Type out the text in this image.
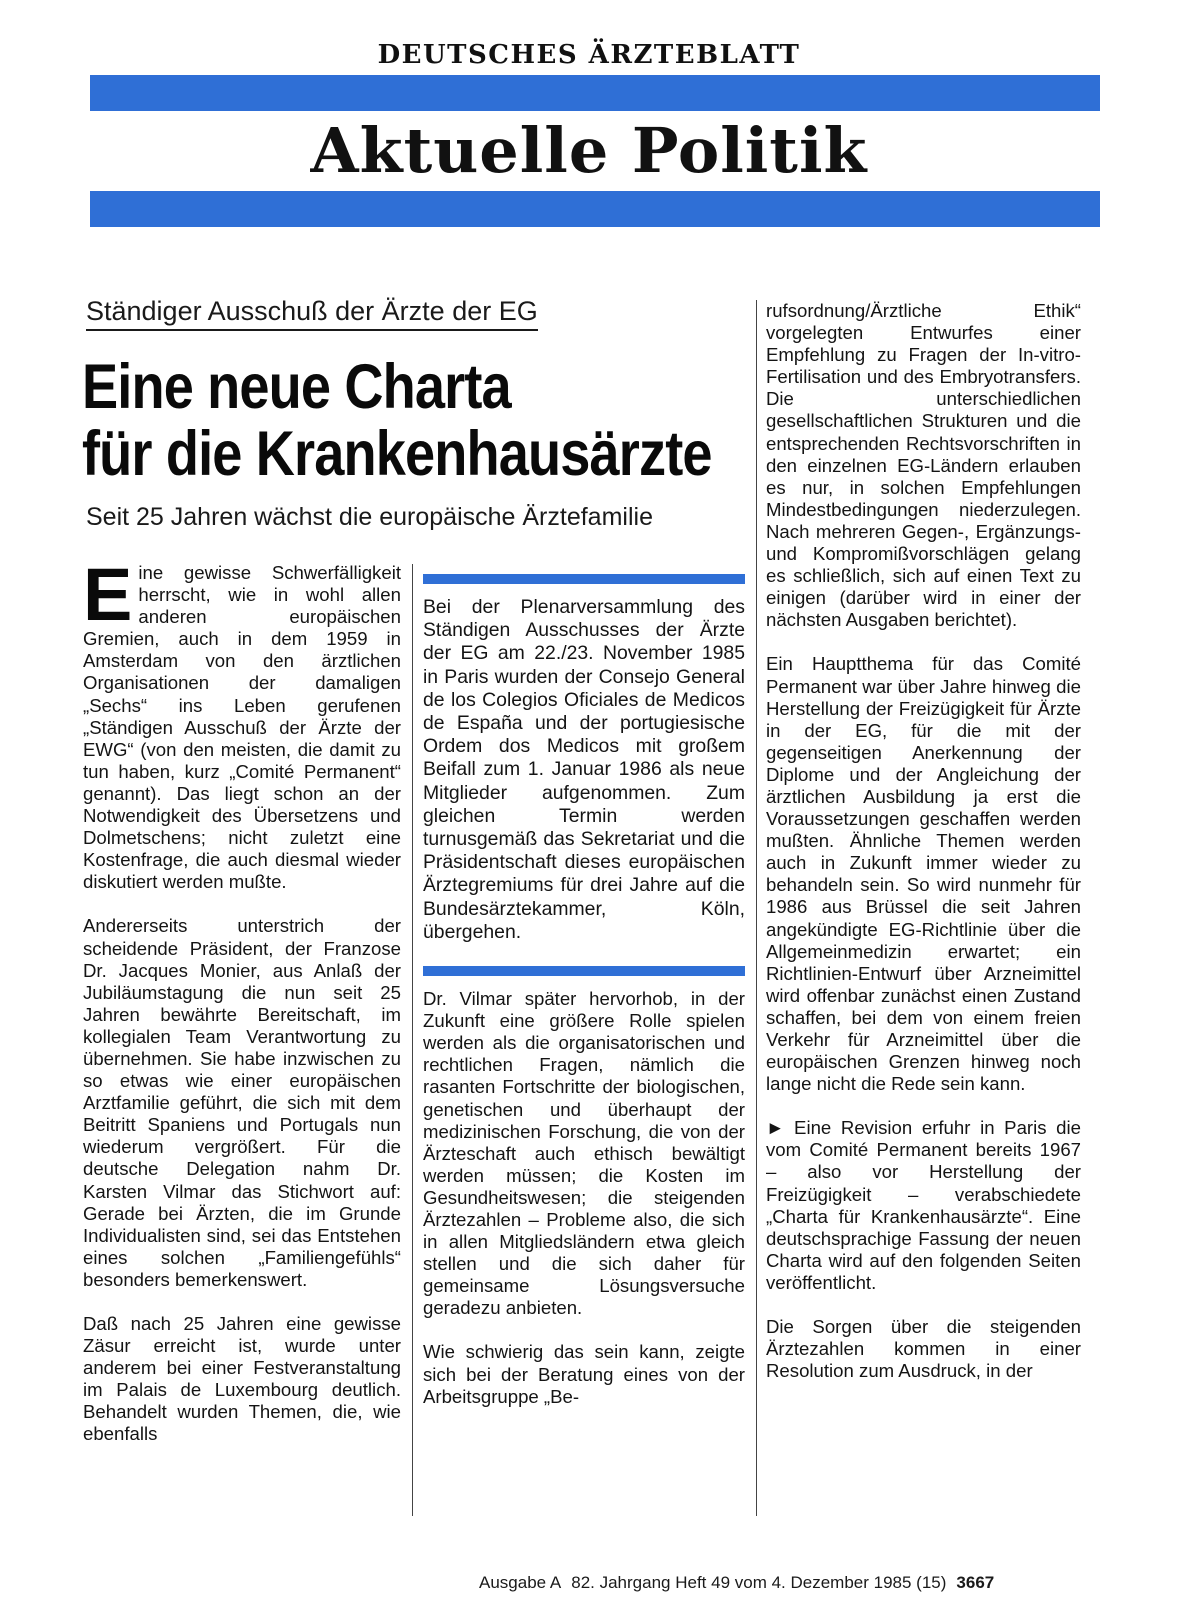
DEUTSCHES ÄRZTEBLATT
Aktuelle Politik
Ständiger Ausschuß der Ärzte der EG
Eine neue Charta
für die Krankenhausärzte
Seit 25 Jahren wächst die europäische Ärztefamilie

Eine gewisse Schwerfälligkeit herrscht, wie in wohl allen anderen europäischen Gremien, auch in dem 1959 in Amsterdam von den ärztlichen Organisationen der damaligen „Sechs“ ins Leben gerufenen „Ständigen Ausschuß der Ärzte der EWG“ (von den meisten, die damit zu tun haben, kurz „Comité Permanent“ genannt). Das liegt schon an der Notwendigkeit des Übersetzens und Dolmetschens; nicht zuletzt eine Kostenfrage, die auch diesmal wieder diskutiert werden mußte.

Andererseits unterstrich der scheidende Präsident, der Franzose Dr. Jacques Monier, aus Anlaß der Jubiläumstagung die nun seit 25 Jahren bewährte Bereitschaft, im kollegialen Team Verantwortung zu übernehmen. Sie habe inzwischen zu so etwas wie einer europäischen Arztfamilie geführt, die sich mit dem Beitritt Spaniens und Portugals nun wiederum vergrößert. Für die deutsche Delegation nahm Dr. Karsten Vilmar das Stichwort auf: Gerade bei Ärzten, die im Grunde Individualisten sind, sei das Entstehen eines solchen „Familiengefühls“ besonders bemerkenswert.

Daß nach 25 Jahren eine gewisse Zäsur erreicht ist, wurde unter anderem bei einer Festveranstaltung im Palais de Luxembourg deutlich. Behandelt wurden Themen, die, wie ebenfalls

Bei der Plenarversammlung des Ständigen Ausschusses der Ärzte der EG am 22./23. November 1985 in Paris wurden der Consejo General de los Colegios Oficiales de Medicos de España und der portugiesische Ordem dos Medicos mit großem Beifall zum 1. Januar 1986 als neue Mitglieder aufgenommen. Zum gleichen Termin werden turnusgemäß das Sekretariat und die Präsidentschaft dieses europäischen Ärztegremiums für drei Jahre auf die Bundesärztekammer, Köln, übergehen.

Dr. Vilmar später hervorhob, in der Zukunft eine größere Rolle spielen werden als die organisatorischen und rechtlichen Fragen, nämlich die rasanten Fortschritte der biologischen, genetischen und überhaupt der medizinischen Forschung, die von der Ärzteschaft auch ethisch bewältigt werden müssen; die Kosten im Gesundheitswesen; die steigenden Ärztezahlen – Probleme also, die sich in allen Mitgliedsländern etwa gleich stellen und die sich daher für gemeinsame Lösungsversuche geradezu anbieten.

Wie schwierig das sein kann, zeigte sich bei der Beratung eines von der Arbeitsgruppe „Be-

rufsordnung/Ärztliche Ethik“ vorgelegten Entwurfes einer Empfehlung zu Fragen der In-vitro-Fertilisation und des Embryotransfers. Die unterschiedlichen gesellschaftlichen Strukturen und die entsprechenden Rechtsvorschriften in den einzelnen EG-Ländern erlauben es nur, in solchen Empfehlungen Mindestbedingungen niederzulegen. Nach mehreren Gegen-, Ergänzungs- und Kompromißvorschlägen gelang es schließlich, sich auf einen Text zu einigen (darüber wird in einer der nächsten Ausgaben berichtet).

Ein Hauptthema für das Comité Permanent war über Jahre hinweg die Herstellung der Freizügigkeit für Ärzte in der EG, für die mit der gegenseitigen Anerkennung der Diplome und der Angleichung der ärztlichen Ausbildung ja erst die Voraussetzungen geschaffen werden mußten. Ähnliche Themen werden auch in Zukunft immer wieder zu behandeln sein. So wird nunmehr für 1986 aus Brüssel die seit Jahren angekündigte EG-Richtlinie über die Allgemeinmedizin erwartet; ein Richtlinien-Entwurf über Arzneimittel wird offenbar zunächst einen Zustand schaffen, bei dem von einem freien Verkehr für Arzneimittel über die europäischen Grenzen hinweg noch lange nicht die Rede sein kann.

► Eine Revision erfuhr in Paris die vom Comité Permanent bereits 1967 – also vor Herstellung der Freizügigkeit – verabschiedete „Charta für Krankenhausärzte“. Eine deutschsprachige Fassung der neuen Charta wird auf den folgenden Seiten veröffentlicht.

Die Sorgen über die steigenden Ärztezahlen kommen in einer Resolution zum Ausdruck, in der

Ausgabe A 82. Jahrgang Heft 49 vom 4. Dezember 1985 (15) 3667
